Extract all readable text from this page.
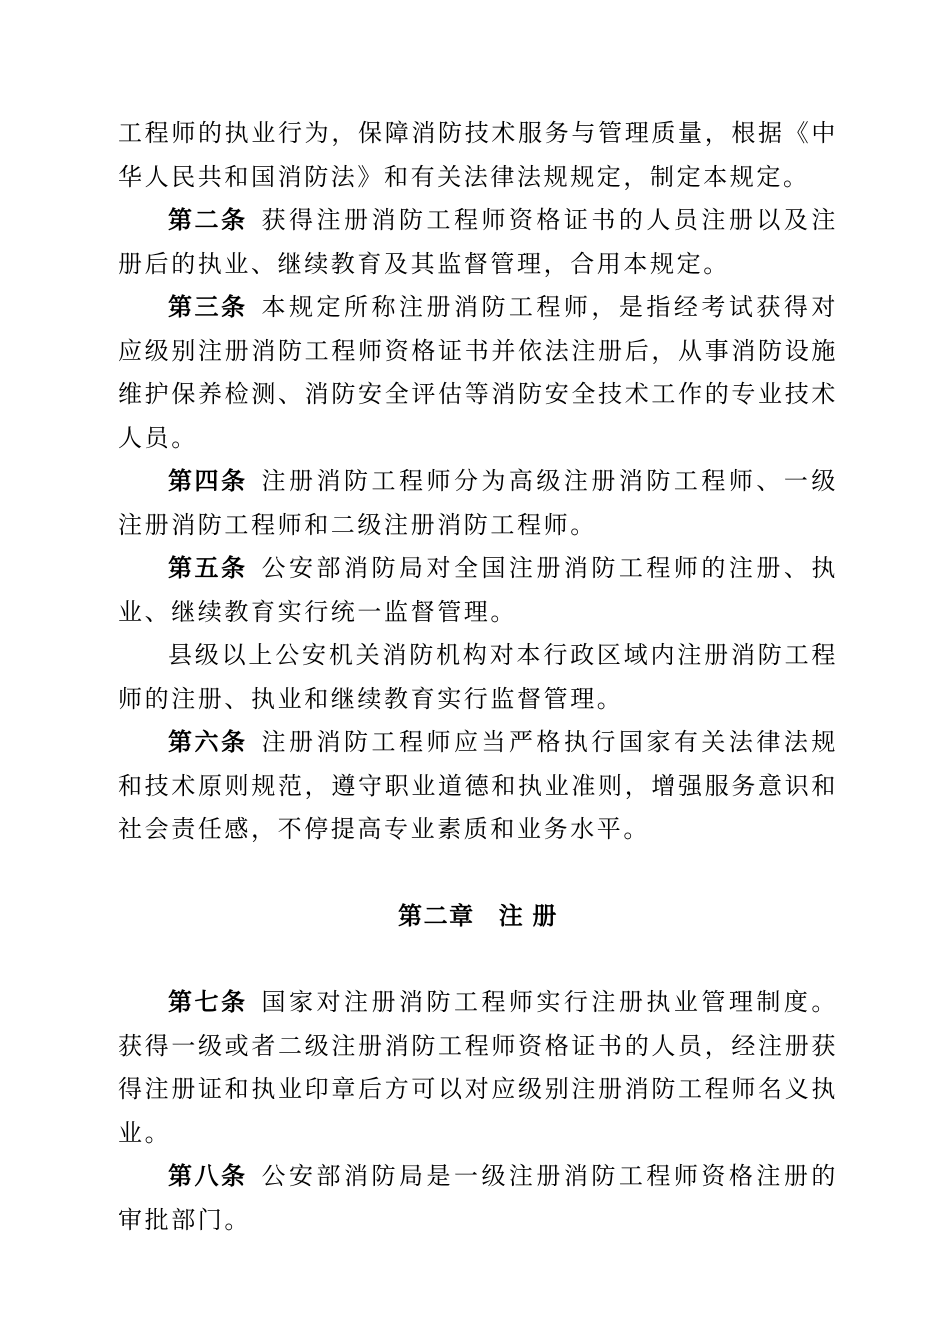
工程师的执业行为，保障消防技术服务与管理质量，根据《中华人民共和国消防法》和有关法律法规规定，制定本规定。

第二条 获得注册消防工程师资格证书的人员注册以及注册后的执业、继续教育及其监督管理，合用本规定。

第三条 本规定所称注册消防工程师，是指经考试获得对应级别注册消防工程师资格证书并依法注册后，从事消防设施维护保养检测、消防安全评估等消防安全技术工作的专业技术人员。

第四条 注册消防工程师分为高级注册消防工程师、一级注册消防工程师和二级注册消防工程师。

第五条 公安部消防局对全国注册消防工程师的注册、执业、继续教育实行统一监督管理。

县级以上公安机关消防机构对本行政区域内注册消防工程师的注册、执业和继续教育实行监督管理。

第六条 注册消防工程师应当严格执行国家有关法律法规和技术原则规范，遵守职业道德和执业准则，增强服务意识和社会责任感，不停提高专业素质和业务水平。

第二章 注 册

第七条 国家对注册消防工程师实行注册执业管理制度。获得一级或者二级注册消防工程师资格证书的人员，经注册获得注册证和执业印章后方可以对应级别注册消防工程师名义执业。

第八条 公安部消防局是一级注册消防工程师资格注册的审批部门。
